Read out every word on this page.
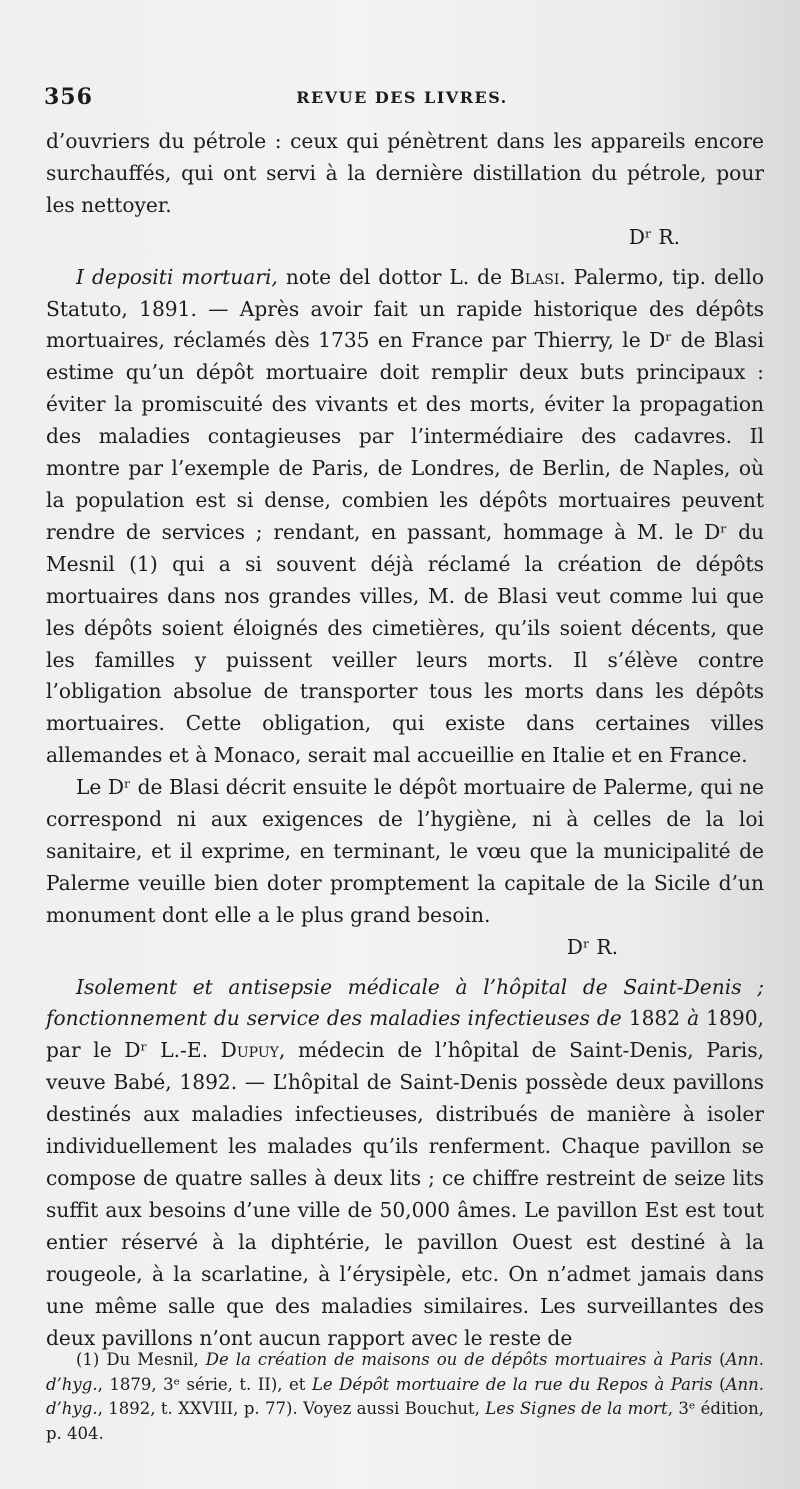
356	REVUE DES LIVRES.

d’ouvriers du pétrole : ceux qui pénètrent dans les appareils encore surchauffés, qui ont servi à la dernière distillation du pétrole, pour les nettoyer.

Dʳ R.

I depositi mortuari, note del dottor L. de Blasi. Palermo, tip. dello Statuto, 1891. — Après avoir fait un rapide historique des dépôts mortuaires, réclamés dès 1735 en France par Thierry, le Dʳ de Blasi estime qu’un dépôt mortuaire doit remplir deux buts principaux : éviter la promiscuité des vivants et des morts, éviter la propagation des maladies contagieuses par l’intermédiaire des cadavres. Il montre par l’exemple de Paris, de Londres, de Berlin, de Naples, où la population est si dense, combien les dépôts mortuaires peuvent rendre de services ; rendant, en passant, hommage à M. le Dʳ du Mesnil (1) qui a si souvent déjà réclamé la création de dépôts mortuaires dans nos grandes villes, M. de Blasi veut comme lui que les dépôts soient éloignés des cimetières, qu’ils soient décents, que les familles y puissent veiller leurs morts. Il s’élève contre l’obligation absolue de transporter tous les morts dans les dépôts mortuaires. Cette obligation, qui existe dans certaines villes allemandes et à Monaco, serait mal accueillie en Italie et en France.

Le Dʳ de Blasi décrit ensuite le dépôt mortuaire de Palerme, qui ne correspond ni aux exigences de l’hygiène, ni à celles de la loi sanitaire, et il exprime, en terminant, le vœu que la municipalité de Palerme veuille bien doter promptement la capitale de la Sicile d’un monument dont elle a le plus grand besoin.

Dʳ R.

Isolement et antisepsie médicale à l’hôpital de Saint-Denis ; fonctionnement du service des maladies infectieuses de 1882 à 1890, par le Dʳ L.-E. Dupuy, médecin de l’hôpital de Saint-Denis, Paris, veuve Babé, 1892. — L’hôpital de Saint-Denis possède deux pavillons destinés aux maladies infectieuses, distribués de manière à isoler individuellement les malades qu’ils renferment. Chaque pavillon se compose de quatre salles à deux lits ; ce chiffre restreint de seize lits suffit aux besoins d’une ville de 50,000 âmes. Le pavillon Est est tout entier réservé à la diphtérie, le pavillon Ouest est destiné à la rougeole, à la scarlatine, à l’érysipèle, etc. On n’admet jamais dans une même salle que des maladies similaires. Les surveillantes des deux pavillons n’ont aucun rapport avec le reste de

(1) Du Mesnil, De la création de maisons ou de dépôts mortuaires à Paris (Ann. d’hyg., 1879, 3ᵉ série, t. II), et Le Dépôt mortuaire de la rue du Repos à Paris (Ann. d’hyg., 1892, t. XXVIII, p. 77). Voyez aussi Bouchut, Les Signes de la mort, 3ᵉ édition, p. 404.
